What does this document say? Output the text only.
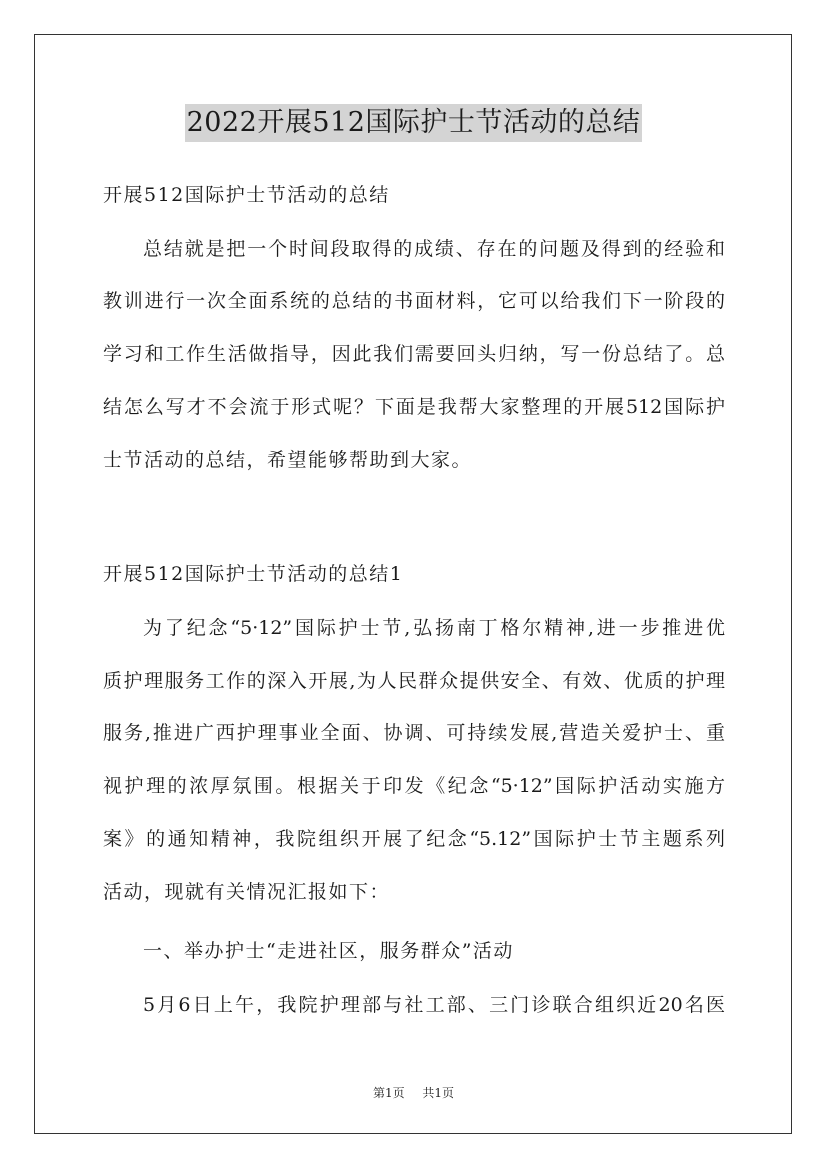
2022开展512国际护士节活动的总结
开展512国际护士节活动的总结
总结就是把一个时间段取得的成绩、存在的问题及得到的经验和
教训进行一次全面系统的总结的书面材料，它可以给我们下一阶段的
学习和工作生活做指导，因此我们需要回头归纳，写一份总结了。总
结怎么写才不会流于形式呢？下面是我帮大家整理的开展512国际护
士节活动的总结，希望能够帮助到大家。
开展512国际护士节活动的总结1
为了纪念“5·12”国际护士节,弘扬南丁格尔精神,进一步推进优
质护理服务工作的深入开展,为人民群众提供安全、有效、优质的护理
服务,推进广西护理事业全面、协调、可持续发展,营造关爱护士、重
视护理的浓厚氛围。根据关于印发《纪念“5·12”国际护活动实施方
案》的通知精神，我院组织开展了纪念“5.12”国际护士节主题系列
活动，现就有关情况汇报如下：
一、举办护士“走进社区，服务群众”活动
5月6日上午，我院护理部与社工部、三门诊联合组织近20名医
第1页 共1页
